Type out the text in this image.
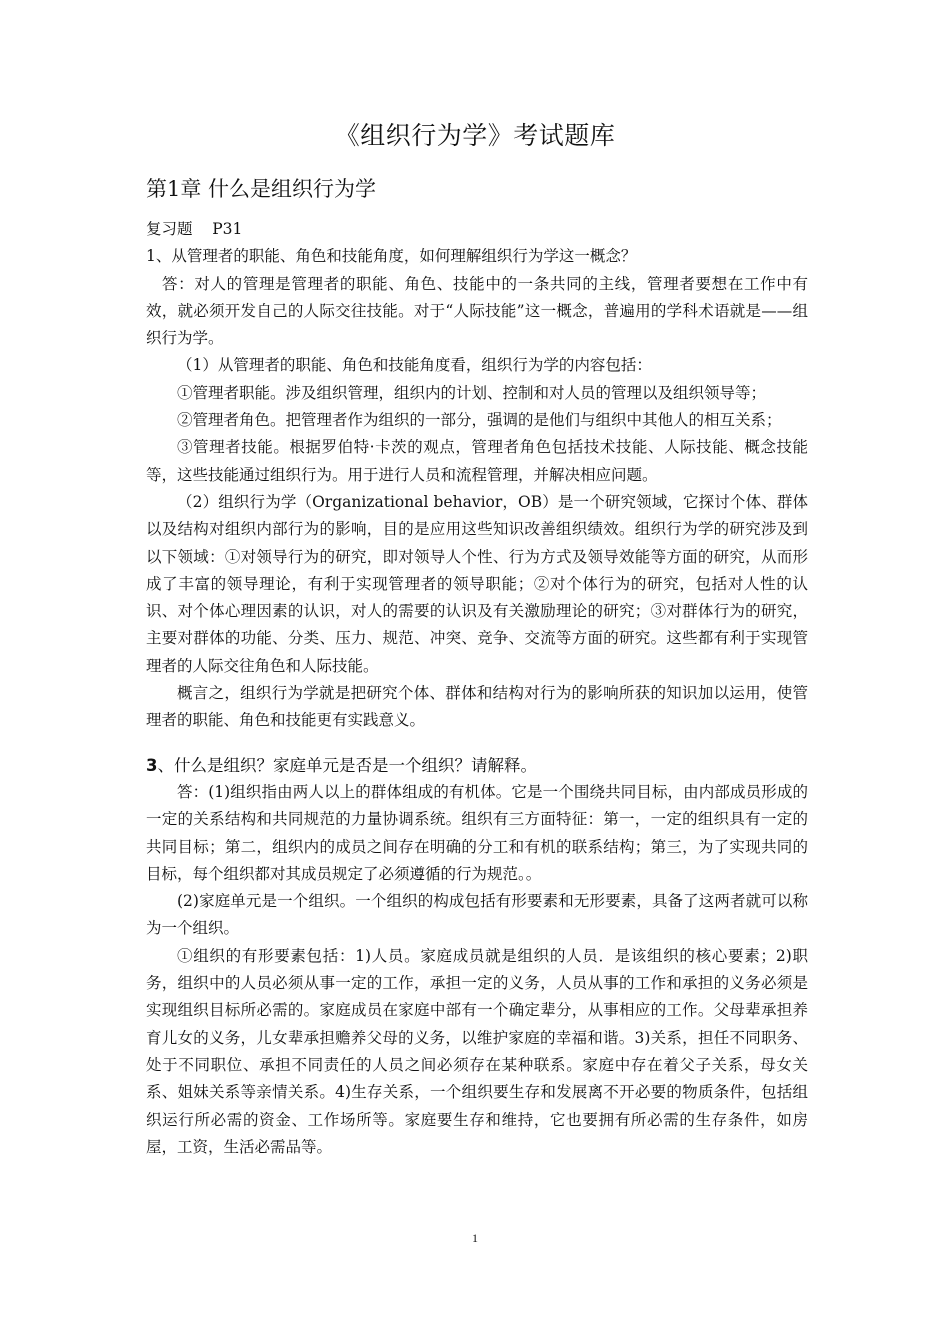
《组织行为学》考试题库
第1章 什么是组织行为学

复习题    P31

1、从管理者的职能、角色和技能角度，如何理解组织行为学这一概念？

答：对人的管理是管理者的职能、角色、技能中的一条共同的主线，管理者要想在工作中有效，就必须开发自己的人际交往技能。对于“人际技能”这一概念，普遍用的学科术语就是——组织行为学。

（1）从管理者的职能、角色和技能角度看，组织行为学的内容包括：

①管理者职能。涉及组织管理，组织内的计划、控制和对人员的管理以及组织领导等；

②管理者角色。把管理者作为组织的一部分，强调的是他们与组织中其他人的相互关系；

③管理者技能。根据罗伯特·卡茨的观点，管理者角色包括技术技能、人际技能、概念技能等，这些技能通过组织行为。用于进行人员和流程管理，并解决相应问题。

（2）组织行为学（Organizational behavior，OB）是一个研究领域，它探讨个体、群体以及结构对组织内部行为的影响，目的是应用这些知识改善组织绩效。组织行为学的研究涉及到以下领域：①对领导行为的研究，即对领导人个性、行为方式及领导效能等方面的研究，从而形成了丰富的领导理论，有利于实现管理者的领导职能；②对个体行为的研究，包括对人性的认识、对个体心理因素的认识，对人的需要的认识及有关激励理论的研究；③对群体行为的研究，主要对群体的功能、分类、压力、规范、冲突、竞争、交流等方面的研究。这些都有利于实现管理者的人际交往角色和人际技能。

概言之，组织行为学就是把研究个体、群体和结构对行为的影响所获的知识加以运用，使管理者的职能、角色和技能更有实践意义。

3、什么是组织？家庭单元是否是一个组织？请解释。

答：(1)组织指由两人以上的群体组成的有机体。它是一个围绕共同目标，由内部成员形成的一定的关系结构和共同规范的力量协调系统。组织有三方面特征：第一，一定的组织具有一定的共同目标；第二，组织内的成员之间存在明确的分工和有机的联系结构；第三，为了实现共同的目标，每个组织都对其成员规定了必须遵循的行为规范。。

(2)家庭单元是一个组织。一个组织的构成包括有形要素和无形要素，具备了这两者就可以称为一个组织。

①组织的有形要素包括：1)人员。家庭成员就是组织的人员．是该组织的核心要素；2)职务，组织中的人员必须从事一定的工作，承担一定的义务，人员从事的工作和承担的义务必须是实现组织目标所必需的。家庭成员在家庭中部有一个确定辈分，从事相应的工作。父母辈承担养育儿女的义务，儿女辈承担赡养父母的义务，以维护家庭的幸福和谐。3)关系，担任不同职务、处于不同职位、承担不同责任的人员之间必须存在某种联系。家庭中存在着父子关系，母女关系、姐妹关系等亲情关系。4)生存关系，一个组织要生存和发展离不开必要的物质条件，包括组织运行所必需的资金、工作场所等。家庭要生存和维持，它也要拥有所必需的生存条件，如房屋，工资，生活必需品等。

1
